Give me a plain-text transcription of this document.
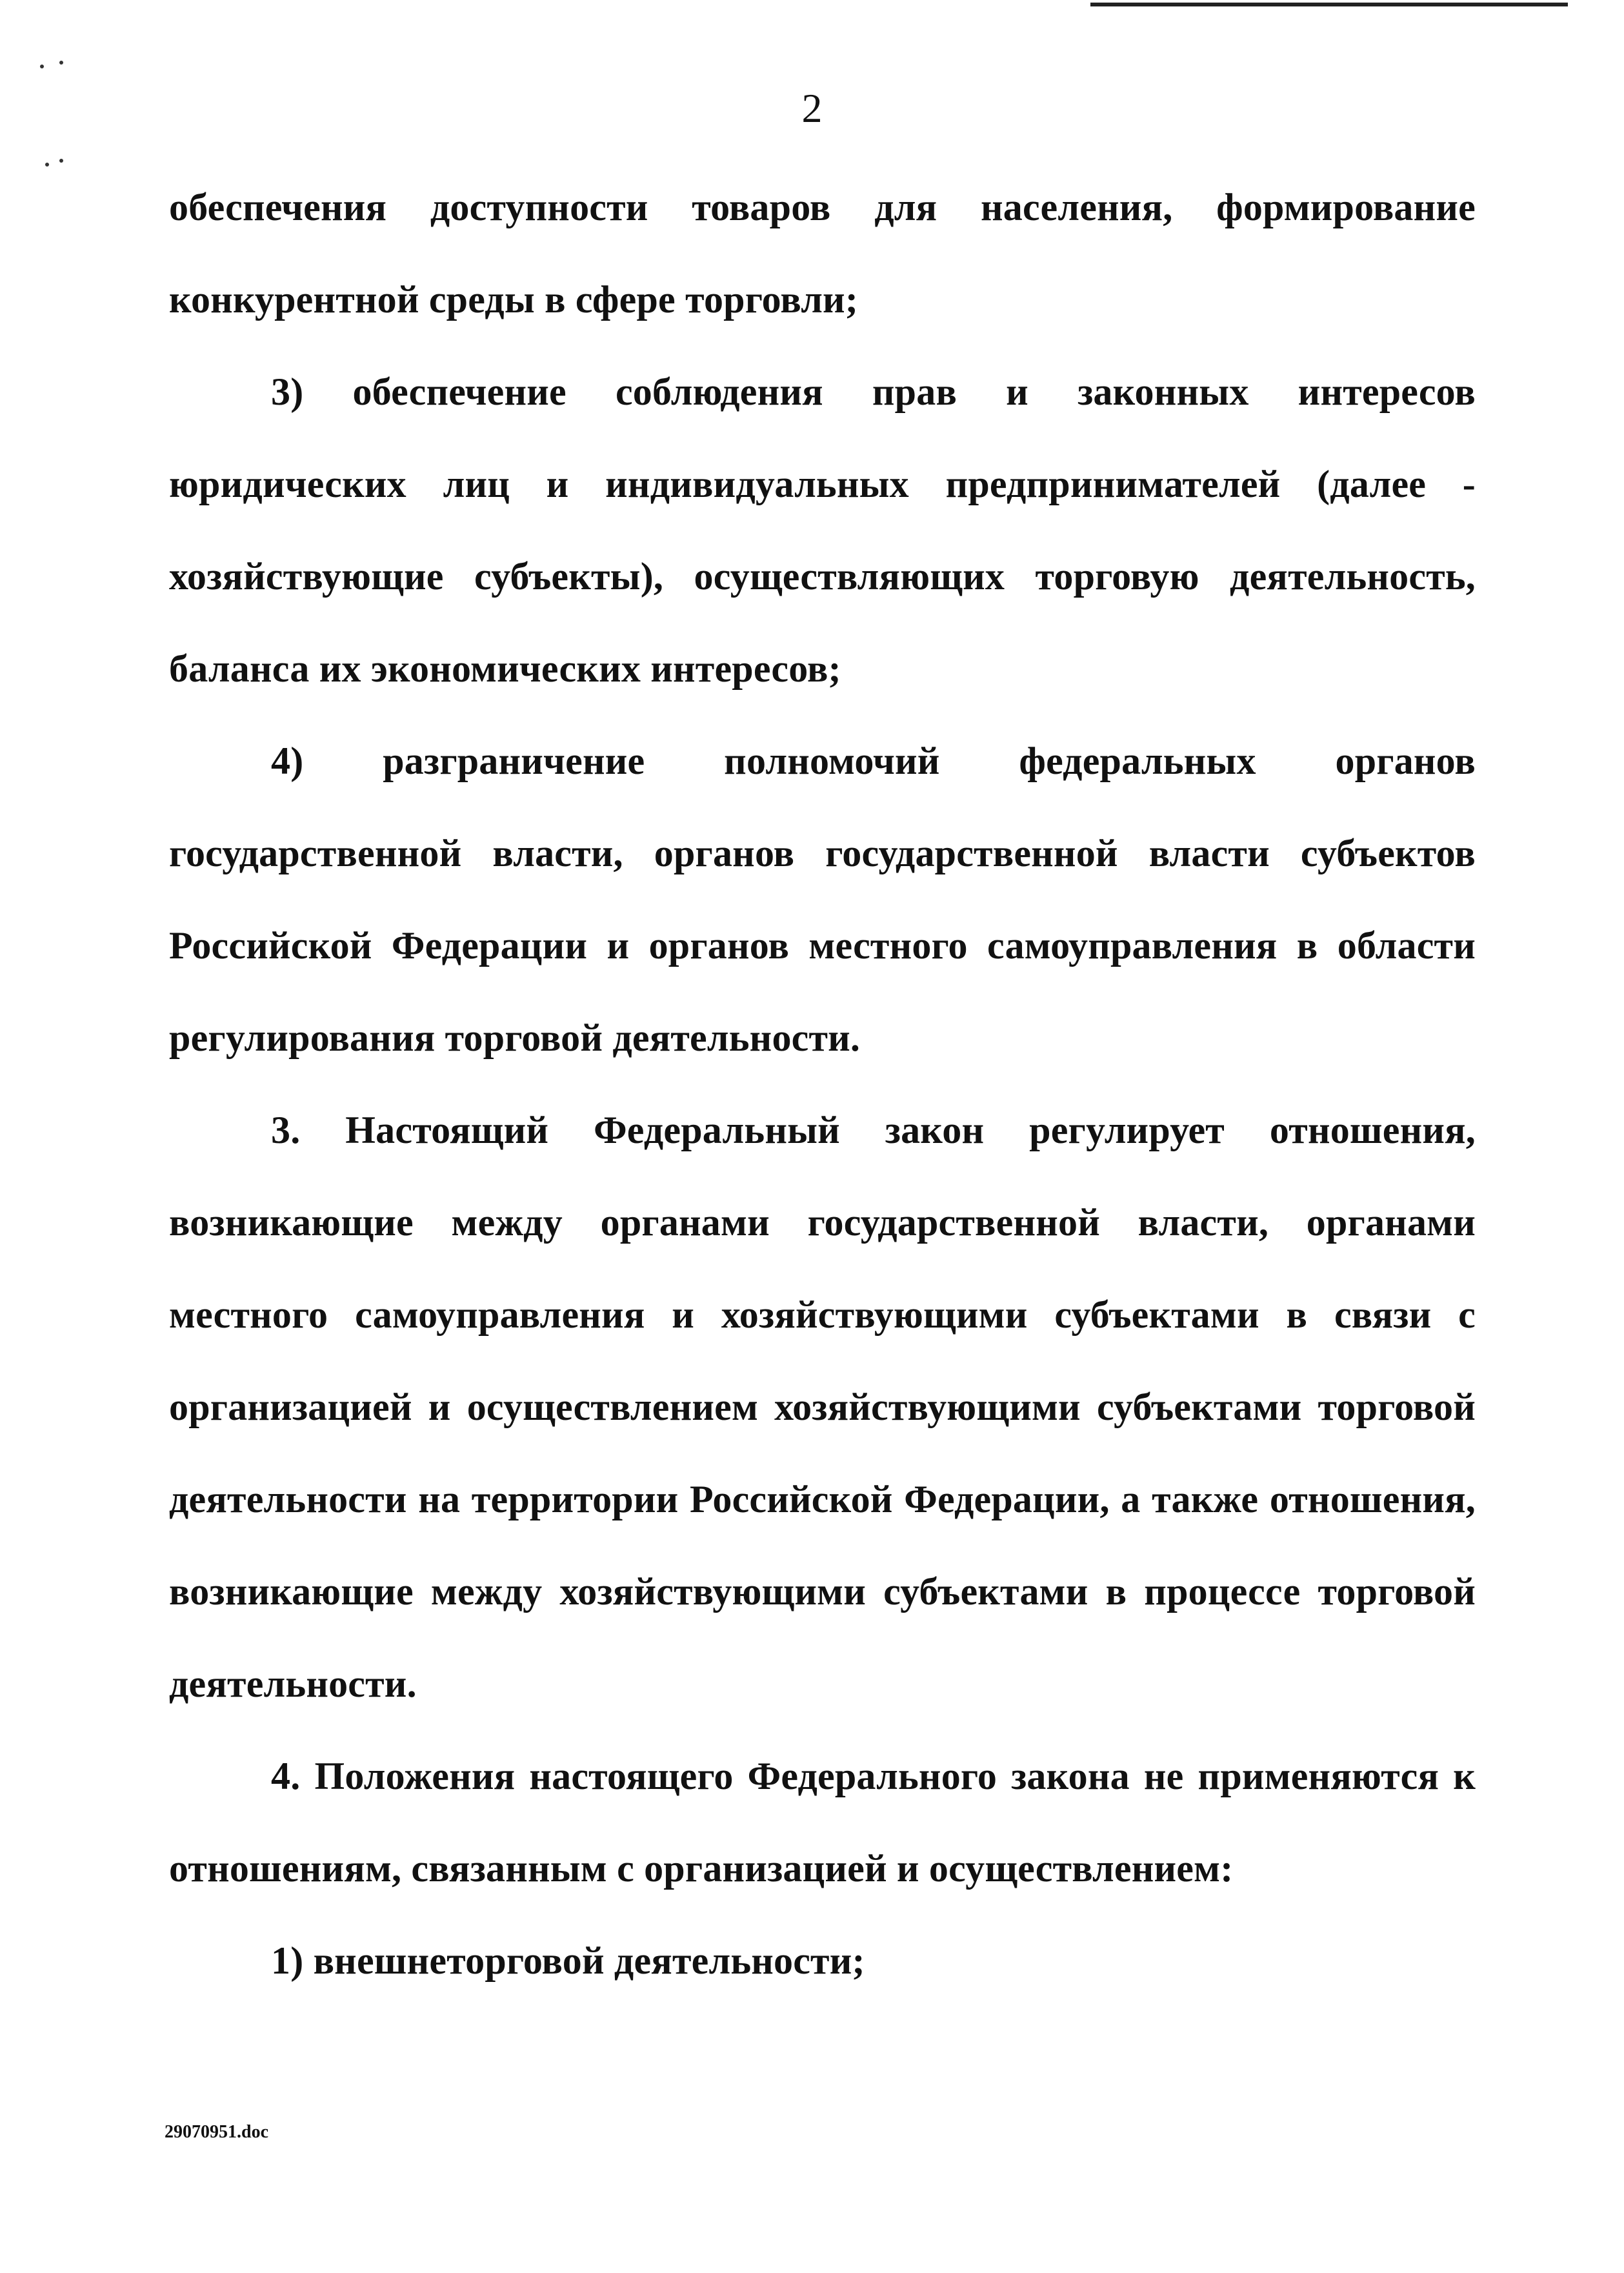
2

обеспечения доступности товаров для населения, формирование конкурентной среды в сфере торговли;

3) обеспечение соблюдения прав и законных интересов юридических лиц и индивидуальных предпринимателей (далее - хозяйствующие субъекты), осуществляющих торговую деятельность, баланса их экономических интересов;

4) разграничение полномочий федеральных органов государственной власти, органов государственной власти субъектов Российской Федерации и органов местного самоуправления в области регулирования торговой деятельности.

3. Настоящий Федеральный закон регулирует отношения, возникающие между органами государственной власти, органами местного самоуправления и хозяйствующими субъектами в связи с организацией и осуществлением хозяйствующими субъектами торговой деятельности на территории Российской Федерации, а также отношения, возникающие между хозяйствующими субъектами в процессе торговой деятельности.

4. Положения настоящего Федерального закона не применяются к отношениям, связанным с организацией и осуществлением:

1) внешнеторговой деятельности;

29070951.doc
